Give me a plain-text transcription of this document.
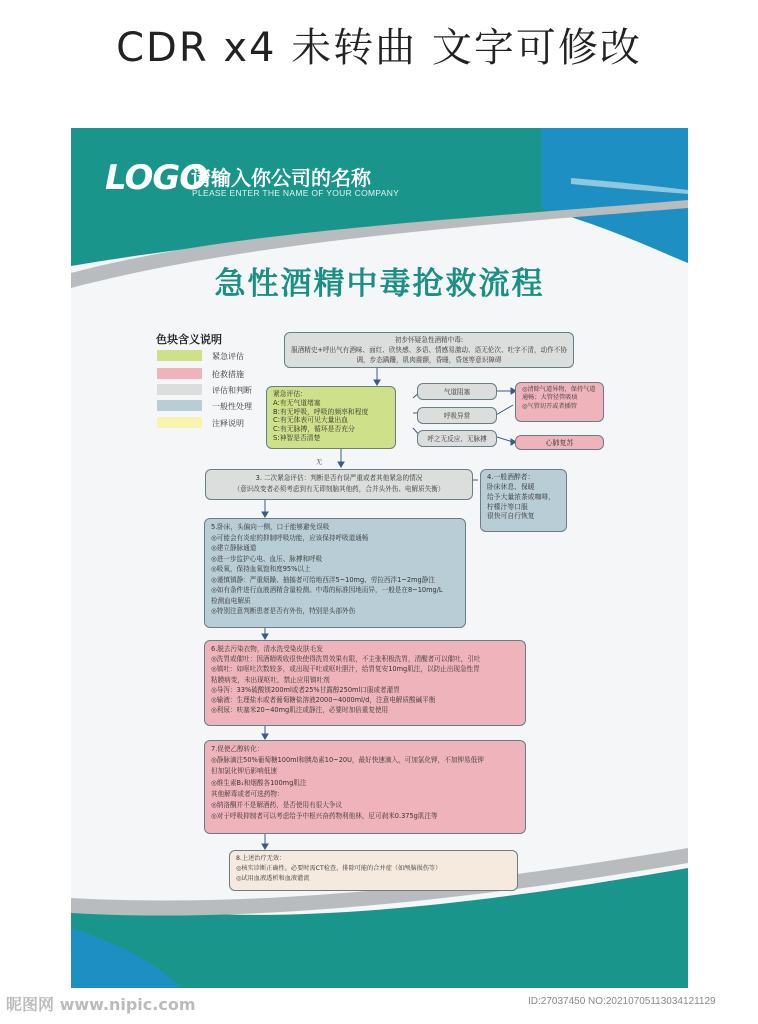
CDR x4 未转曲 文字可修改
LOGO
请输入你公司的名称
PLEASE ENTER THE NAME OF YOUR COMPANY
急性酒精中毒抢救流程
色块含义说明
紧急评估
抢救措施
评估和判断
一般性处理
注释说明
初步怀疑急性酒精中毒:
服酒精史+呼出气有酒味、面红、欣快感、多语、情感易激动、语无伦次、吐字不清，动作不协调，步态蹒跚，肌肉震颤，昏睡，昏迷等意识障碍
紧急评估:
A:有无气道堵塞
B:有无呼吸，呼吸的频率和程度
C:有无体表可见大量出血
C:有无脉搏，循环是否充分
S:神智是否清楚
气道阻塞
呼吸异常
呼之无反应、无脉搏
◎清除气道异物，保持气道通畅；大管径管吸痰
◎气管切开或者插管
心肺复苏
无
3. 二次紧急评估：判断是否有误严重或者其他紧急的情况
（意识改变者必须考虑到有无即刻脑其他药，合并头外伤、电解质失衡）
4.一般酒醉者：
卧床休息、保暖
给予大量浓茶或咖啡，
柠檬汁等口服
很快可自行恢复
5.卧床，头偏向一侧，口于能够避免误吸
◎可能会有炎症的抑制呼吸功能，应该保持呼吸道通畅
◎建立静脉通道
◎进一步监护心电、血压、脉搏和呼吸
◎吸氧，保持血氧饱和度95%以上
◎谨慎镇静：严重烦躁、抽搐者可给地西泮5~10mg、劳拉西泮1~2mg静注
◎如有条件进行血液酒精含量检测。中毒的标准因地而异，一般是在8~10mg/L
检测血电解质
◎特别注意判断患者是否有外伤，特别是头部外伤
6.脱去污染衣物，清水洗受染皮肤毛发
◎洗胃或催吐：因酒精吸收很快使得洗胃效果有限，不主张积极洗胃，清醒者可以催吐，引吐
◎镇吐：如呕吐次数较多，或出现干吐或呕吐胆汁，给胃复安10mg肌注，以防止出现急性胃
粘膜病变，未出现呕吐，禁止应用镇吐剂
◎导泻：33%硫酸镁200ml或者25%甘露醇250ml口服或者灌胃
◎输液：生理盐水或者葡萄糖盐溶液2000~4000ml/d，注意电解质酸碱平衡
◎利尿：呋塞米20~40mg肌注或静注，必要时加倍重复使用
7.促使乙醇转化：
◎静脉滴注50%葡萄糖100ml和胰岛素10~20U，最好快速滴入，可加氯化钾，不加钾易低钾
但加氯化钾后影响低速
◎维生素B₁和烟酸各100mg肌注
其他解毒或者可选药物：
◎纳洛酮并不是解酒药，是否使用有很大争议
◎对于呼吸抑制者可以考虑给予中枢兴奋药物利他林，尼可刹米0.375g肌注等
8.上述治疗无效：
◎核实诊断正确性。必要时需CT检查，排除可能的合并症（如颅脑损伤等）
◎试用血液透析和血液灌流
昵图网 www.nipic.com	ID:27037450 NO:20210705113034121129
